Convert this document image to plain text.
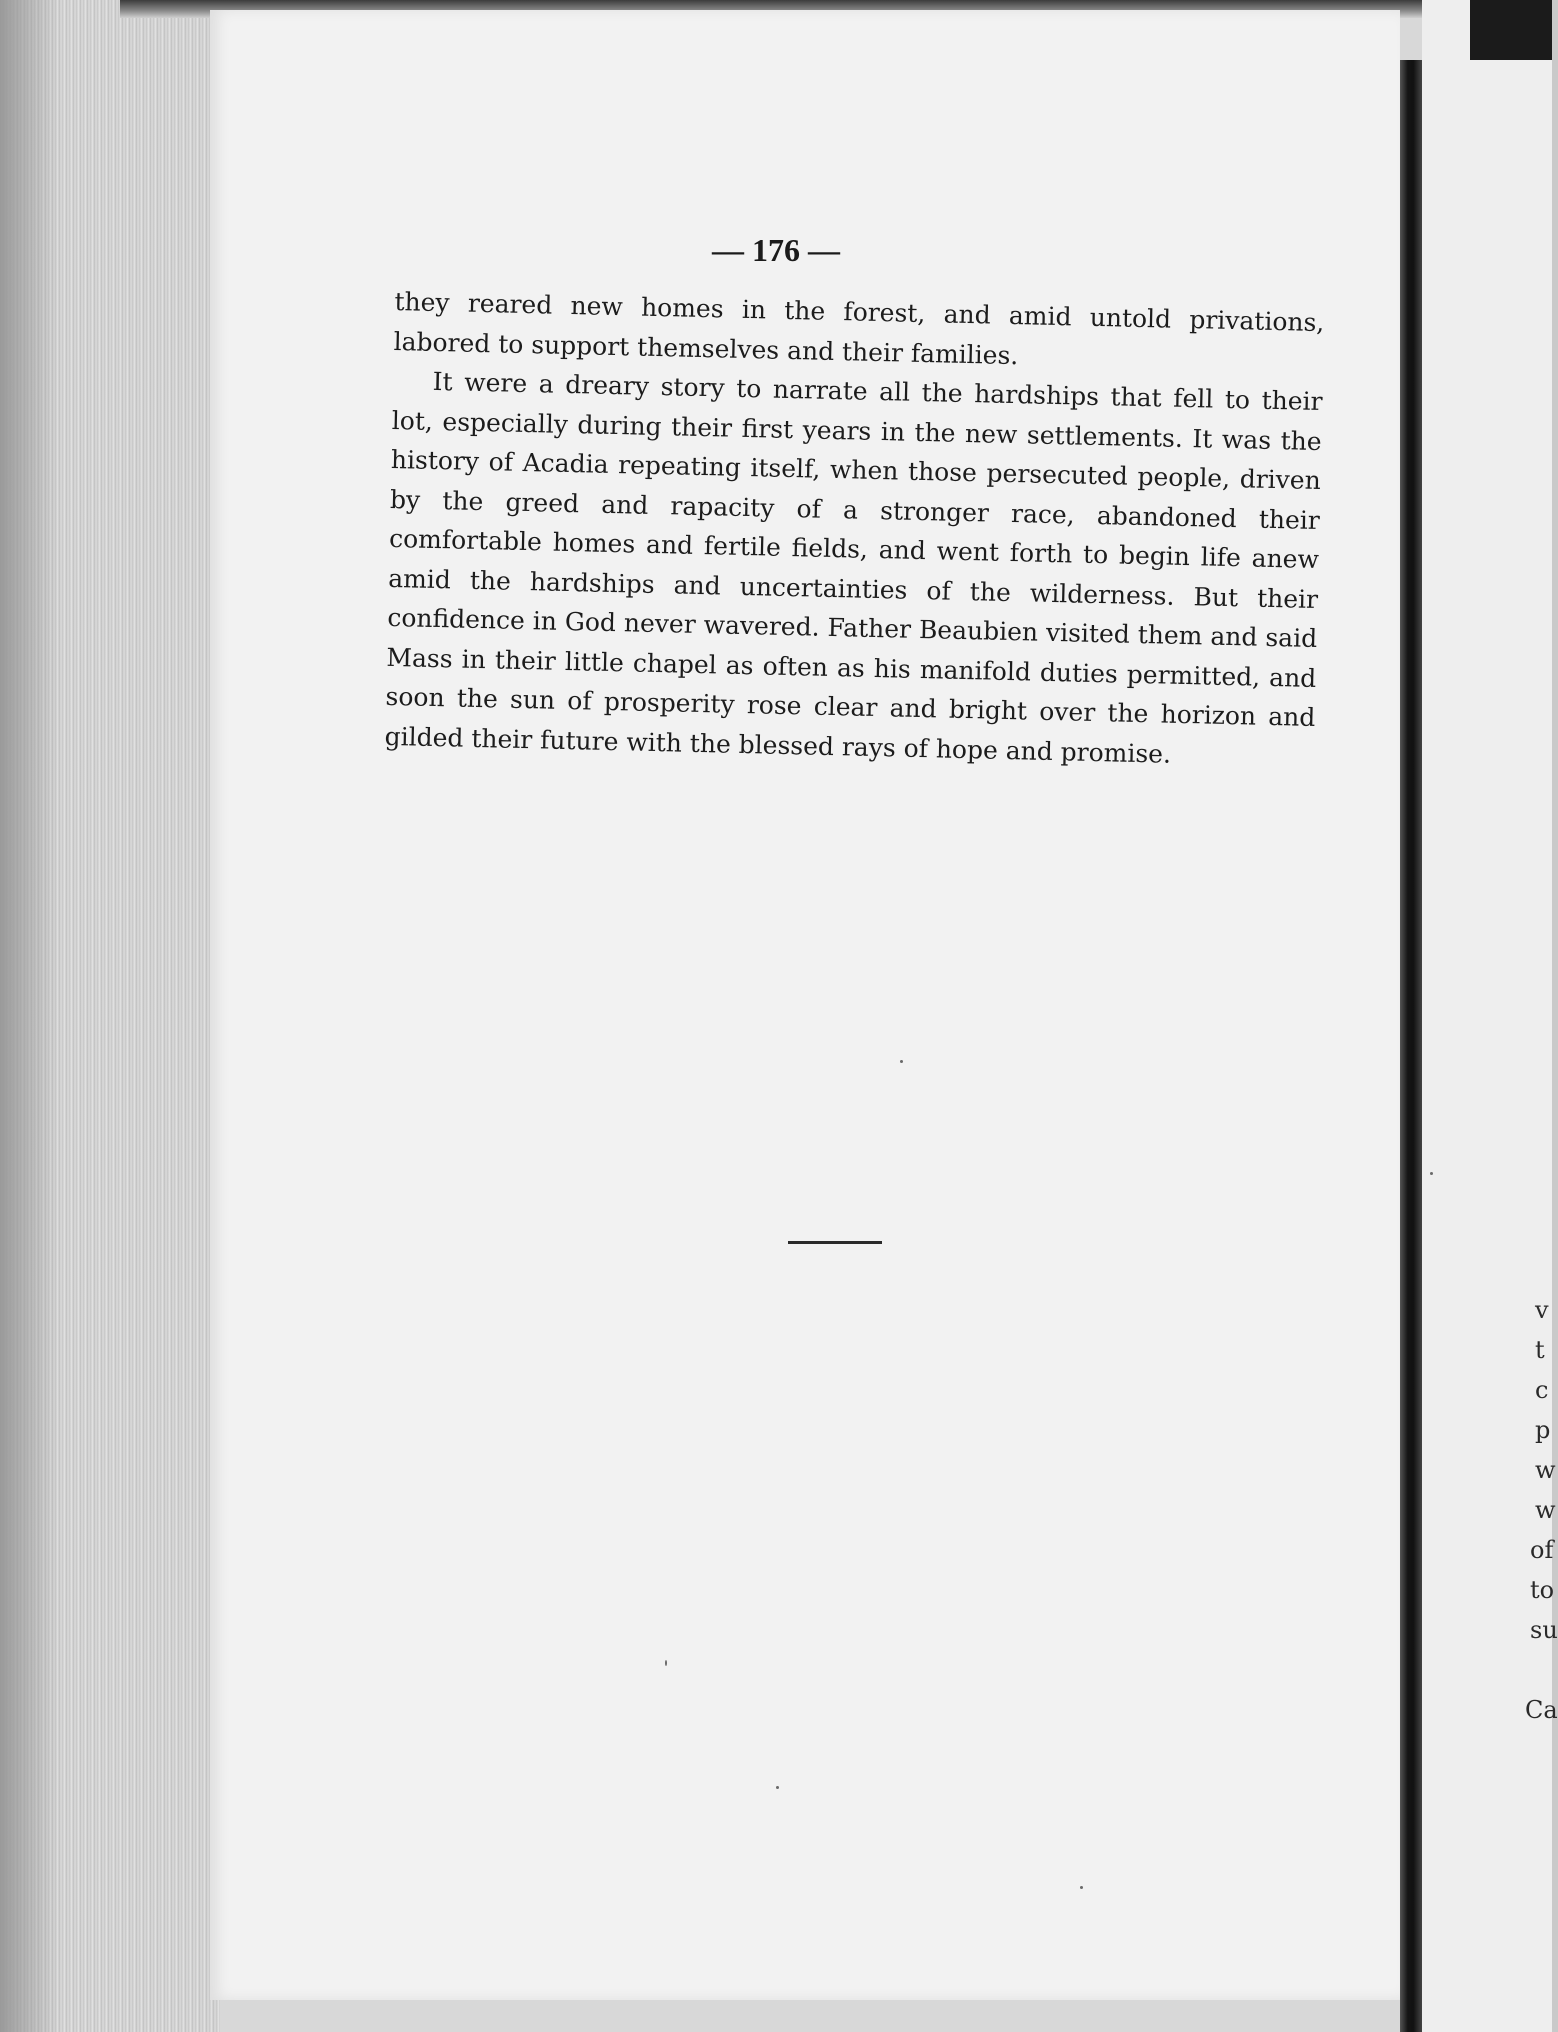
— 176 —

they reared new homes in the forest, and amid untold privations, labored to support themselves and their families.

It were a dreary story to narrate all the hardships that fell to their lot, especially during their first years in the new settlements. It was the history of Acadia repeating itself, when those persecuted people, driven by the greed and rapacity of a stronger race, abandoned their comfortable homes and fertile fields, and went forth to begin life anew amid the hardships and uncertainties of the wilderness. But their confidence in God never wavered. Father Beaubien visited them and said Mass in their little chapel as often as his manifold duties permitted, and soon the sun of prosperity rose clear and bright over the horizon and gilded their future with the blessed rays of hope and promise.

v
t
c
p
w
w
of
to
su
Ca
